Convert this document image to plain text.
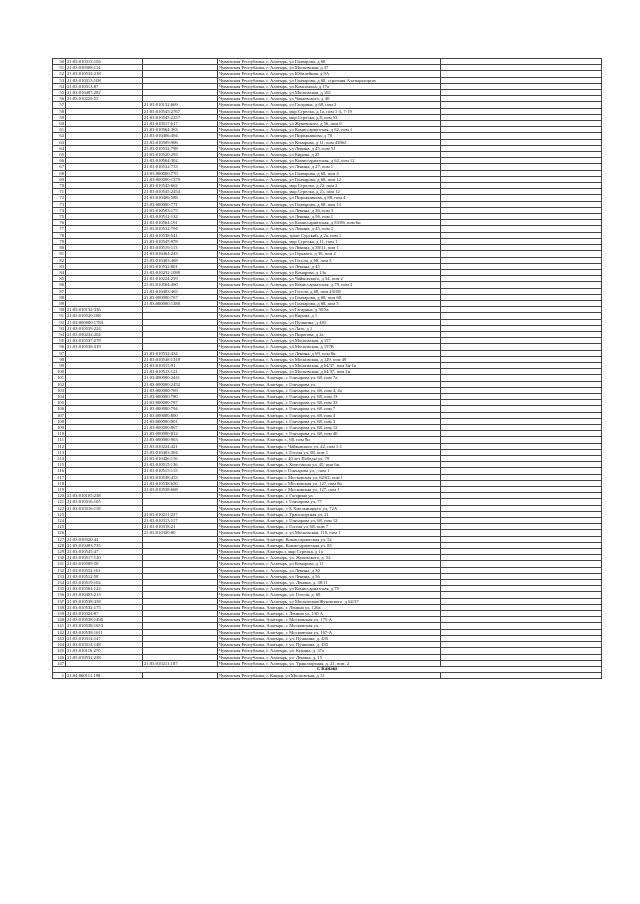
50	21:03:010313:104		Чувашская Республика, г. Алатырь, ул Гончарова, д 68	
51	21:03:010308:114		Чувашская Республика, г. Алатырь, ул Московская, д 37	
52	21:03:010534:218		Чувашская Республика, г. Алатырь, ул Юбилейная, д 9А	
53	21:03:010313:108		Чувашская Республика, г. Алатырь, ул Гончарова, д 68, строения Алатырьгоргаз	
54	21:03:010313:87		Чувашская Республика, г. Алатырь, ул Комсомола, д 17а	
55	21:03:010407:282		Чувашская Республика, г. Алатырь, ул Московская, д 102	
56	21:03:010223:55		Чувашская Республика, г. Алатырь, ул Чапаевского, д 40	
57		21:03:010132:669	Чувашская Республика, г. Алатырь, ул Гагарина, д 68, пом 2	
58		21:03:010545:2767	Чувашская Республика, г. Алатырь, мкр Стрелка, д 1а, пом 1-4, 7-19	
59		21:03:010545:2257	Чувашская Республика, г. Алатырь, мкр Стрелка, д 8, пом 53	
60		21:03:010517:617	Чувашская Республика, г. Алатырь, ул Жуковского, д 56, пом 6	
61		21:03:010564:363	Чувашская Республика, г. Алатырь, ул Комиссариатская, д 62, пом 1	
62		21:03:010406:494	Чувашская Республика, г. Алатырь, ул Пирожникова, д 78	
63		21:03:010509:906	Чувашская Республика, г. Алатырь, ул Комарова, д 11, пом 43862	
64		21:03:010532:798	Чувашская Республика, г. Алатырь, ул Ленина, д 45, пом 51	
65		21:03:010520:293	Чувашская Республика, г. Алатырь, ул Кирова, д 25	
66		21:03:010564:302	Чувашская Республика, г. Алатырь, ул Комиссариатская, д 62, пом 12	
67		21:03:010532:733	Чувашская Республика, г. Алатырь, ул Ленина, д 27, пом 1	
68		21:03:000000:770	Чувашская Республика, г. Алатырь, ул Гончарова, д 68, пом 4	
69		21:03:000000:1379	Чувашская Республика, г. Алатырь, ул Гончарова, д 68, пом 12	
70		21:03:010545:662	Чувашская Республика, г. Алатырь, мкр Стрелка, д 22, пом 2	
71		21:03:010545:2454	Чувашская Республика, г. Алатырь, мкр Стрелка, д 21, пом 12	
72		21:03:010406:588	Чувашская Республика, г. Алатырь, ул Пирожникова, д 88, пом 4	
73		21:03:000000:771	Чувашская Республика, г. Алатырь, ул Гончарова, д 68, пом 13	
74		21:03:010503:175	Чувашская Республика, г. Алатырь, ул Ленина, д 36, пом 3	
75		21:03:010512:132	Чувашская Республика, г. Алатырь, ул Ленина, д 56, пом 1	
76		21:03:010564:191	Чувашская Республика, г. Алатырь, ул Комиссариатская, д 83/86, пом 6н	
77		21:03:010532:794	Чувашская Республика, г. Алатырь, ул Ленина, д 45, пом 2	
78		21:03:010538:541	Чувашская Республика, г. Алатырь, тракт Сурский, д 2а, пом 1	
79		21:03:010545:978	Чувашская Республика, г. Алатырь, мкр Стрелка, д 11, пом 1	
80		21:03:010519:113	Чувашская Республика, г. Алатырь, ул Ленина, д 38/11, пом 1	
81		21:03:010464:243	Чувашская Республика, г. Алатырь, ул Горького, д 36, пом 2	
82		21:03:010403:468	Чувашская Республика, г. Алатырь, ул Гоголя, д 68, пом 3	
83		21:03:010532:801	Чувашская Республика, г. Алатырь, ул Ленина, д 45	
84		21:03:010232:1080	Чувашская Республика, г. Алатырь, ул Комарова, д 13а	
85		21:03:010224:259	Чувашская Республика, г. Алатырь, ул Чайковского, д 34, пом 2	
86		21:03:010564:460	Чувашская Республика, г. Алатырь, ул Комиссариатская, д 79, пом 3	
87		21:03:010403:465	Чувашская Республика, г. Алатырь, ул Гоголя, д 68, пом 44108	
88		21:03:000000:767	Чувашская Республика, г. Алатырь, ул Гончарова, д 68, пом 68	
89		21:03:000000:1380	Чувашская Республика, г. Алатырь, ул Гончарова, д 68, пом 5	
90	21:03:010132:336		Чувашская Республика, г. Алатырь, ул Гагарина, д 30/3а	
91	21:03:010520:168		Чувашская Республика, г. Алатырь, ул Кирова, д 1	
92	21:03:000000:1784		Чувашская Республика, г. Алатырь, ул Пушкина, д 430	
93	21:03:010539:224		Чувашская Республика, г. Алатырь, ул Лазо, д 1	
94	21:03:010232:204		Чувашская Республика, г. Алатырь, ул Пирогова, д 2а	
95	21:03:010537:278		Чувашская Республика, г. Алатырь, ул Московская, д 157	
96	21:03:010538:319		Чувашская Республика, г. Алатырь, ул Московская, д 157В	
97		21:03:010532:434	Чувашская Республика, г. Алатырь, ул Ленина, д 69, пом 8н	
98		21:03:010538:1318	Чувашская Республика, г. Алатырь, ул Московская, д 129, пом 49	
99		21:03:010315:91	Чувашская Республика, г. Алатырь, ул Московская, д 64/37, пом 3н-1н	
100		21:03:010513:121	Чувашская Республика, г. Алатырь, ул Московская, д 64/37, пом 2н	
101		21:03:000000:2441	Чувашская Республика, Алатырь, г. Гончарова ул, 68, пом 7а	
102		21:03:000000:2452	Чувашская Республика, Алатырь, г. Гончарова ул,	
103		21:03:000000:769	Чувашская Республика, Алатырь, г. Гончарова ул, 68, пом 4, 4а	
104		21:03:000000:780	Чувашская Республика, Алатырь, г. Гончарова ул, 68, пом 13	
105		21:03:000000:787	Чувашская Республика, Алатырь, г. Гончарова ул, 68, пом 33	
106		21:03:000000:794	Чувашская Республика, Алатырь, г. Гончарова ул, 68, пом 7	
107		21:03:000000:800	Чувашская Республика, Алатырь, г. Гончарова ул, 68, пом 4	
108		21:03:000000:801	Чувашская Республика, Алатырь, г. Гончарова ул, 68, пом 3	
109		21:03:000000:807	Чувашская Республика, Алатырь, г. Гончарова ул, 68, пом 12	
110		21:03:000000:812	Чувашская Республика, Алатырь, г. Гончарова ул, 68, пом 40	
111		21:03:000000:963	Чувашская Республика, Алатырь г., 68, пом 8н	
112		21:03:010224:421	Чувашская Республика, Алатырь г. Чайковского ул, 42, пом 1-1	
113		21:03:010403:304	Чувашская Республика, Алатырь, г. Гоголя ул, 68, пом 1	
114		21:03:010426:116	Чувашская Республика, Алатырь г. 40 лет Победы ул, 79	
115		21:03:010515:136	Чувашская Республика, Алатырь, г. Комсомола ул, 45, пом 6н	
116		21:03:010515:115	Чувашская Республика, Алатырь г. Гончарова ул, , пом 1	
117		21:03:010538:433	Чувашская Республика, Алатырь г. Московская ул, 62/62, пом 1	
118		21:03:010538:650	Чувашская Республика, Алатырь г. Московская ул, 127, пом 8н	
119		21:03:010538:668	Чувашская Республика, Алатырь г. Московская ул, 127, пом 1	
120	21:03:010105:238		Чувашская Республика, Алатырь, г. Гагарина ул,	
121	21:03:010316:105		Чувашская Республика, Алатырь, г. Гончарова ул, 77	
122	21:03:010316:118		Чувашская Республика, Алатырь, г. Б.Хмельницкого ул, 72А	
125		21:03:010211:237	Чувашская Республика, Алатырь, г. Транспортная ул, 21	
124		21:03:010313:117	Чувашская Республика, Алатырь, г. Гончарова ул, 68, пом 12	
125		21:03:010318:21	Чувашская Республика, Алатырь, г. Гоголя ул, 68, пом 7	
126		21:03:010320:80	Чувашская Республика, Алатырь, г. ул Московская, 110, пом 1	
127	21:03:010320:44		Чувашская Республика, Алатырь, Комиссариатская ул, 52	
128	21:03:010403:735		Чувашская Республика, Алатырь, Комиссариатская ул, 83	
129	21:03:010545:47		Чувашская Республика, Алатырь г, мкр Стрелка, д 1а	
130	21:03:010517:120		Чувашская Республика, г. Алатырь, ул. Жуковского, д. 54	
131	21:03:010509:58		Чувашская Республика, г. Алатырь, ул Комарова, д 11	
132	21:03:010532:161		Чувашская Республика, г. Алатырь, ул Ленина, д 30	
133	21:03:010512:58		Чувашская Республика, г. Алатырь, ул Ленина, д 56	
134	21:03:010519:102		Чувашская Республика, г. Алатырь, ул. Ленина, д. 38/11	
135	21:03:010564:122		Чувашская Республика, г. Алатырь, ул Комиссариатская, д 79	
136	21:03:010403:213		Чувашская Республика, г. Алатырь, ул. Гоголя, д. 68	
137	21:03:010538:338		Чувашская Республика, г. Алатырь, ул Московская/Жуковского, д 64/37	
138	21:03:010532:175		Чувашская Республика, Алатырь, г. Ленина ул, 126а	
139	21:03:010324:87		Чувашская Республика, Алатырь, г. Ленина ул, 130 А	
140	21:03:010538:1490		Чувашская Республика, Алатырь, г. Московская ул, 175-А	
141	21:03:010538:1653		Чувашская Республика, Алатырь, г. Московская ул, -	
142	21:03:010538:1611		Чувашская Республика, Алатырь, г. Московская ул, 167-А	
143	21:03:010314:147		Чувашская Республика, Алатырь, г. ул. Пушкина, д. 435	
144	21:03:010314:148		Чувашская Республика, Алатырь, г. ул. Пушкина, д. 435	
145	21:03:010116:270		Чувашская Республика, г. Алатырь, ул. Кунина, д. 37а	
146	21:03:010532:238		Чувашская Республика, г. Алатырь, ул. Ленина, д. 15	
147		21:03:010211:187	Чувашская Республика, г. Алатырь, ул. Транспортная, д. 21, пом. 2	
г. Канаш				
1	21:04:060111:198		Чувашская Республика, г. Канаш, ул Московская, д 13	
